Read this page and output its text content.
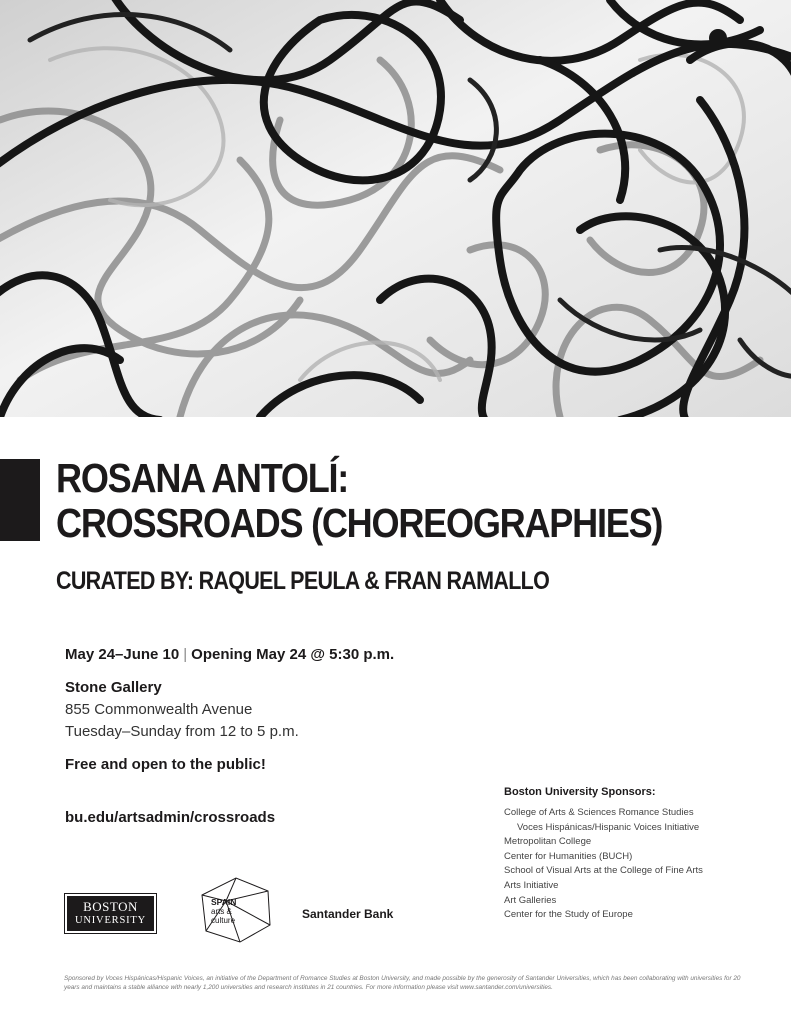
ROSANA ANTOLÍ:
CROSSROADS (CHOREOGRAPHIES)
CURATED BY: RAQUEL PEULA & FRAN RAMALLO
May 24–June 10 | Opening May 24 @ 5:30 p.m.
Stone Gallery
855 Commonwealth Avenue
Tuesday–Sunday from 12 to 5 p.m.
Free and open to the public!
bu.edu/artsadmin/crossroads
Boston University Sponsors:
College of Arts & Sciences Romance Studies
Voces Hispánicas/Hispanic Voices Initiative
Metropolitan College
Center for Humanities (BUCH)
School of Visual Arts at the College of Fine Arts
Arts Initiative
Art Galleries
Center for the Study of Europe
BOSTON
UNIVERSITY
SPAIN
arts &
culture	Santander Bank

Sponsored by Voces Hispánicas/Hispanic Voices, an initiative of the Department of Romance Studies at Boston University, and made possible by the generosity of Santander Universities, which has been collaborating with universities for 20 years and maintains a stable alliance with nearly 1,200 universities and research institutes in 21 countries. For more information please visit www.santander.com/universities.
